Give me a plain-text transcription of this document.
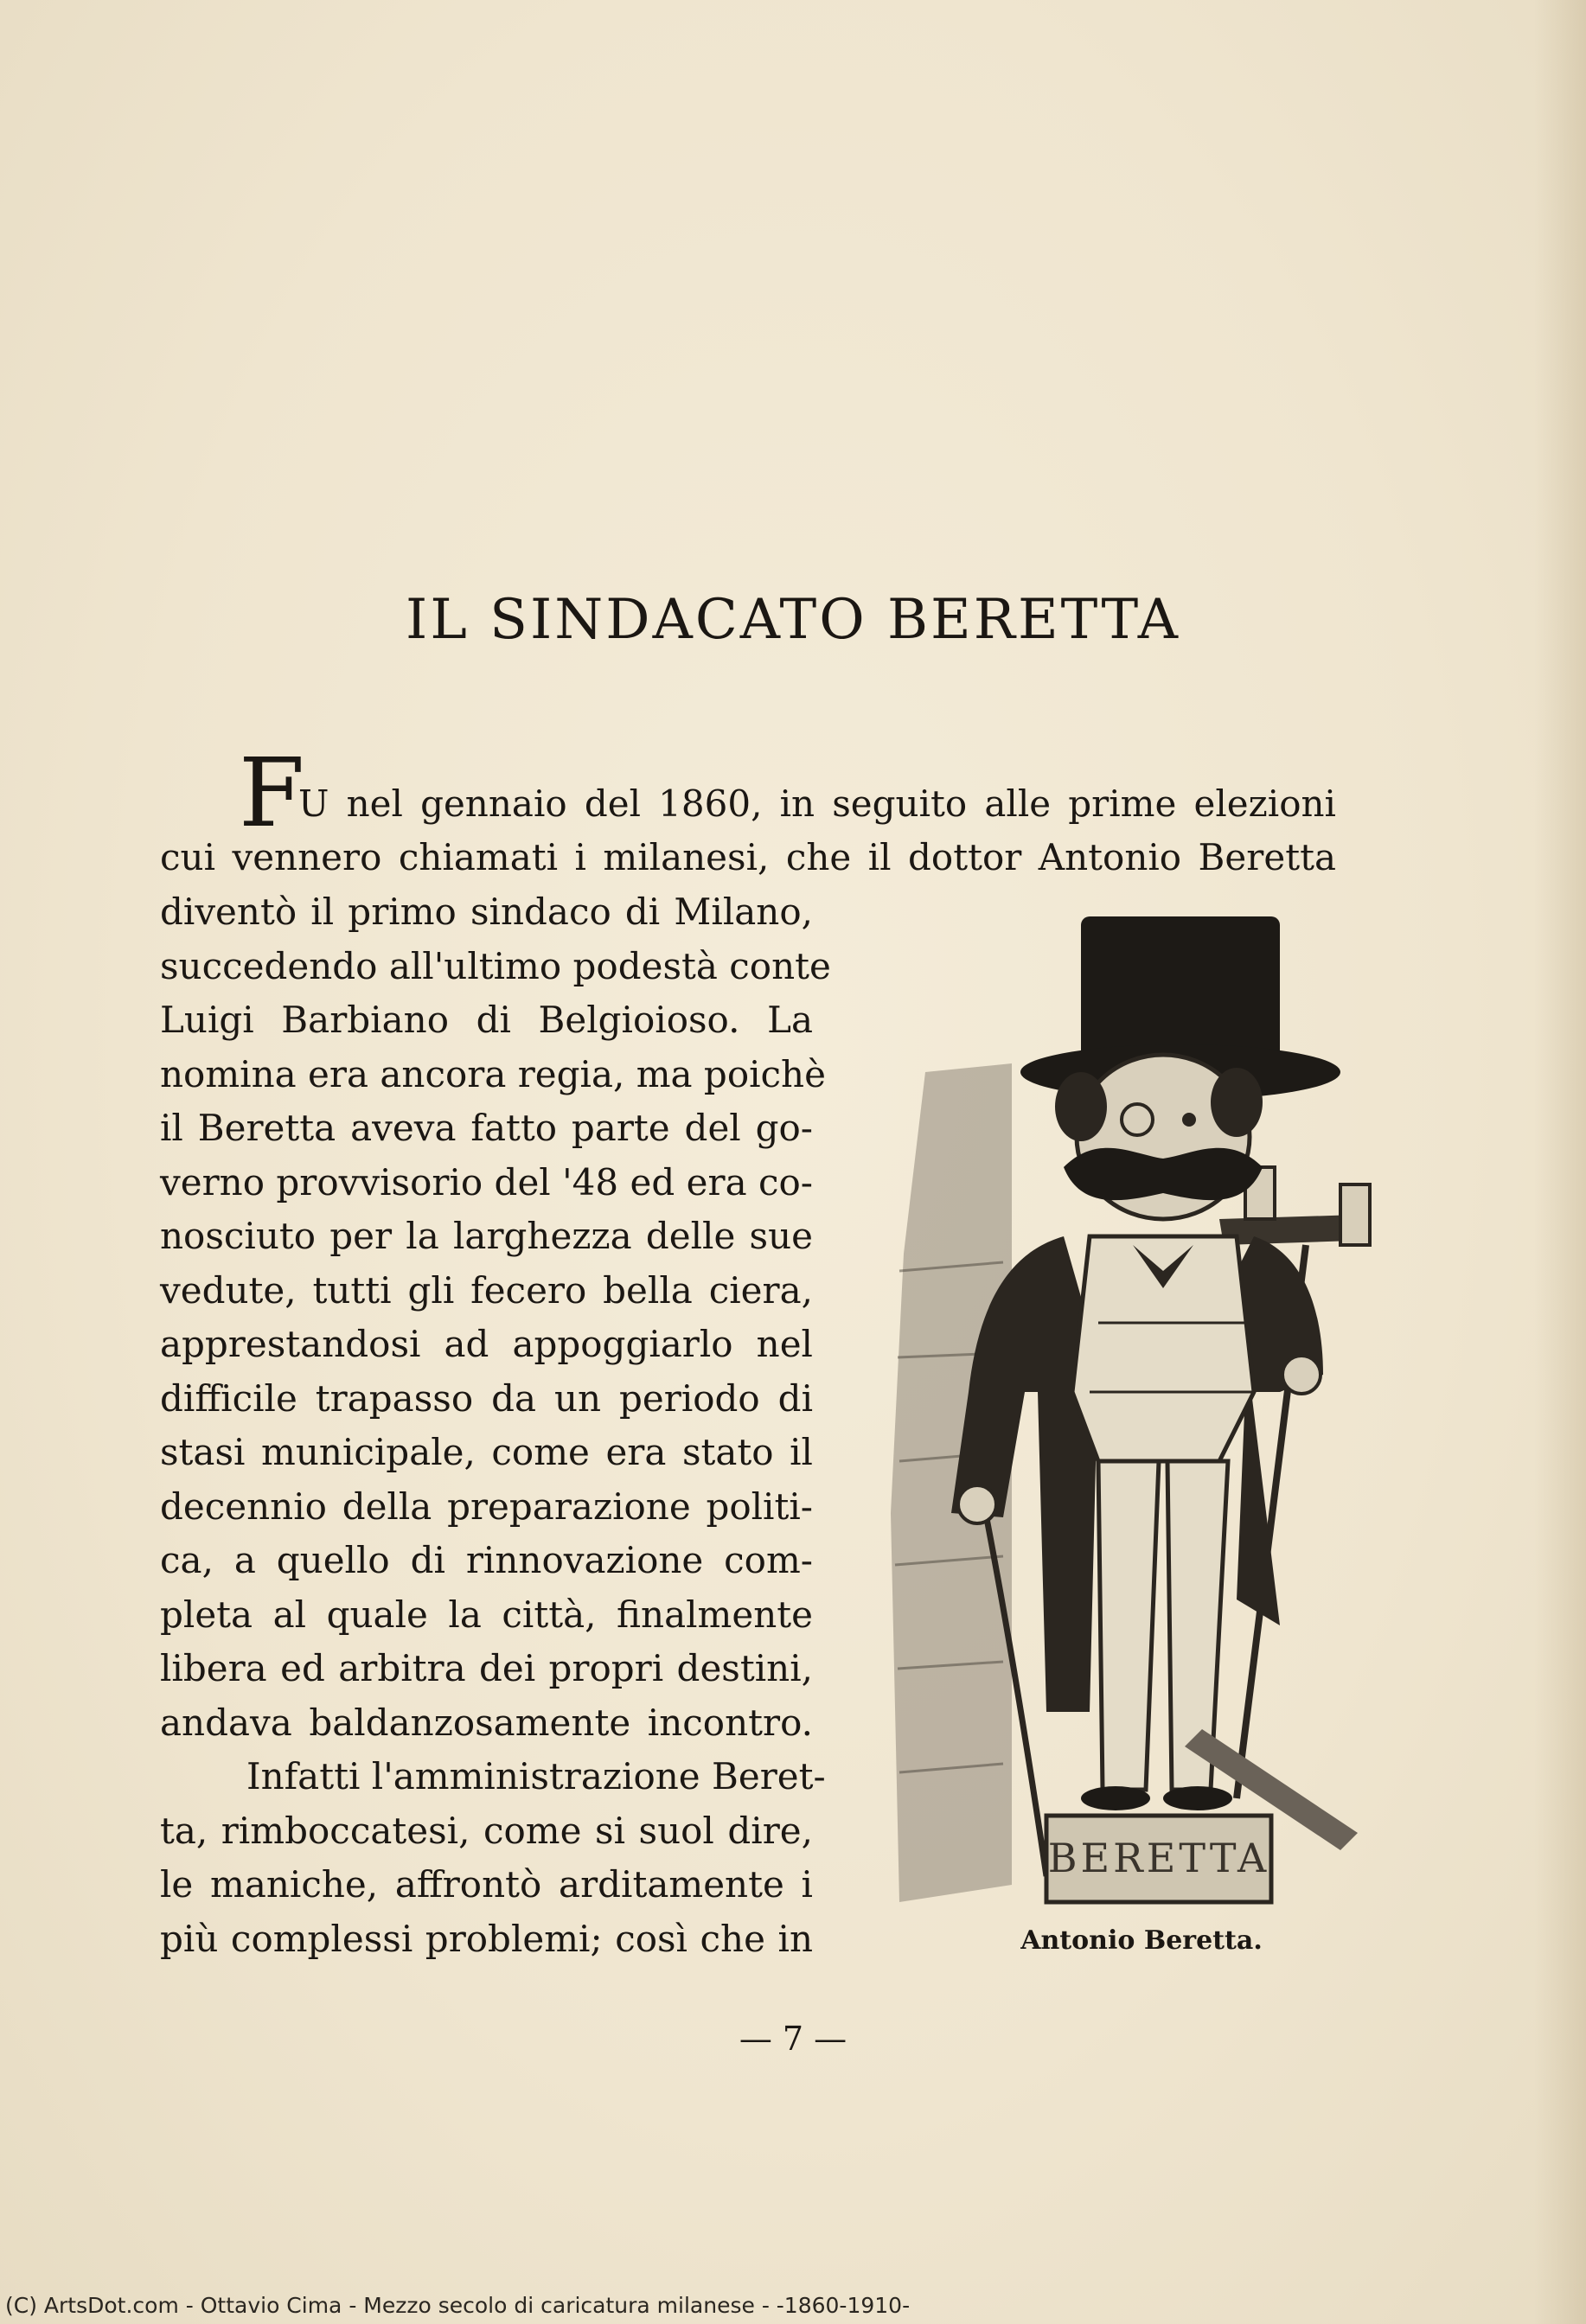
IL SINDACATO BERETTA
F
U nel gennaio del 1860, in seguito alle prime elezioni
cui vennero chiamati i milanesi, che il dottor Antonio Beretta
diventò il primo sindaco di Milano,
succedendo all'ultimo podestà conte
Luigi Barbiano di Belgioioso. La
nomina era ancora regia, ma poichè
il Beretta aveva fatto parte del go-
verno provvisorio del '48 ed era co-
nosciuto per la larghezza delle sue
vedute, tutti gli fecero bella ciera,
apprestandosi ad appoggiarlo nel
difficile trapasso da un periodo di
stasi municipale, come era stato il
decennio della preparazione politi-
ca, a quello di rinnovazione com-
pleta al quale la città, finalmente
libera ed arbitra dei propri destini,
andava baldanzosamente incontro.
Infatti l'amministrazione Beret-
ta, rimboccatesi, come si suol dire,
le maniche, affrontò arditamente i
più complessi problemi; così che in
BERETTA
Antonio Beretta.
— 7 —
(C) ArtsDot.com - Ottavio Cima - Mezzo secolo di caricatura milanese - -1860-1910-
